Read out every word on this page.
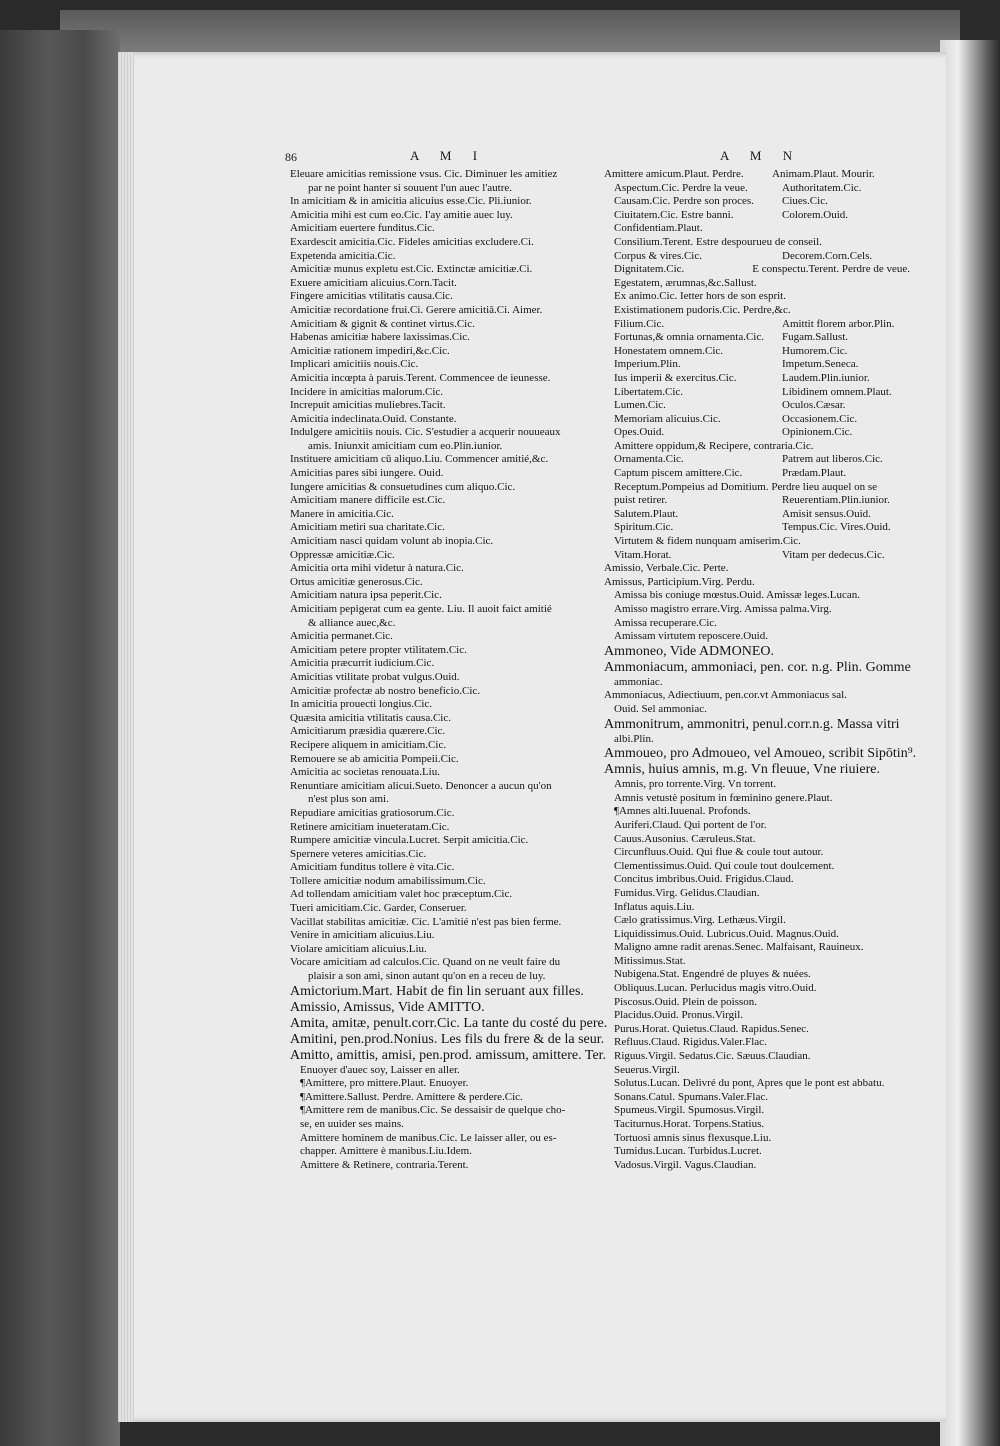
86	A M I	A M N
Eleuare amicitias remissione vsus. Cic. Diminuer les amitiez
par ne point hanter si souuent l'un auec l'autre.
In amicitiam & in amicitia alicuius esse.Cic. Pli.iunior.
Amicitia mihi est cum eo.Cic. I'ay amitie auec luy.
Amicitiam euertere funditus.Cic.
Exardescit amicitia.Cic. Fideles amicitias excludere.Ci.
Expetenda amicitia.Cic.
Amicitiæ munus expletu est.Cic. Extinctæ amicitiæ.Ci.
Exuere amicitiam alicuius.Corn.Tacit.
Fingere amicitias vtilitatis causa.Cic.
Amicitiæ recordatione frui.Ci. Gerere amicitiā.Ci. Aimer.
Amicitiam & gignit & continet virtus.Cic.
Habenas amicitiæ habere laxissimas.Cic.
Amicitiæ rationem impediri,&c.Cic.
Implicari amicitiis nouis.Cic.
Amicitia incœpta à paruis.Terent. Commencee de ieunesse.
Incidere in amicitias malorum.Cic.
Increpuit amicitias muliebres.Tacit.
Amicitia indeclinata.Ouid. Constante.
Indulgere amicitiis nouis. Cic. S'estudier a acquerir nouueaux
amis. Iniunxit amicitiam cum eo.Plin.iunior.
Instituere amicitiam cū aliquo.Liu. Commencer amitié,&c.
Amicitias pares sibi iungere. Ouid.
Iungere amicitias & consuetudines cum aliquo.Cic.
Amicitiam manere difficile est.Cic.
Manere in amicitia.Cic.
Amicitiam metiri sua charitate.Cic.
Amicitiam nasci quidam volunt ab inopia.Cic.
Oppressæ amicitiæ.Cic.
Amicitia orta mihi videtur à natura.Cic.
Ortus amicitiæ generosus.Cic.
Amicitiam natura ipsa peperit.Cic.
Amicitiam pepigerat cum ea gente. Liu. Il auoit faict amitié
& alliance auec,&c.
Amicitia permanet.Cic.
Amicitiam petere propter vtilitatem.Cic.
Amicitia præcurrit iudicium.Cic.
Amicitias vtilitate probat vulgus.Ouid.
Amicitiæ profectæ ab nostro beneficio.Cic.
In amicitia prouecti longius.Cic.
Quæsita amicitia vtilitatis causa.Cic.
Amicitiarum præsidia quærere.Cic.
Recipere aliquem in amicitiam.Cic.
Remouere se ab amicitia Pompeii.Cic.
Amicitia ac societas renouata.Liu.
Renuntiare amicitiam alicui.Sueto. Denoncer a aucun qu'on
n'est plus son ami.
Repudiare amicitias gratiosorum.Cic.
Retinere amicitiam inueteratam.Cic.
Rumpere amicitiæ vincula.Lucret. Serpit amicitia.Cic.
Spernere veteres amicitias.Cic.
Amicitiam funditus tollere è vita.Cic.
Tollere amicitiæ nodum amabilissimum.Cic.
Ad tollendam amicitiam valet hoc præceptum.Cic.
Tueri amicitiam.Cic. Garder, Conseruer.
Vacillat stabilitas amicitiæ. Cic. L'amitié n'est pas bien ferme.
Venire in amicitiam alicuius.Liu.
Violare amicitiam alicuius.Liu.
Vocare amicitiam ad calculos.Cic. Quand on ne veult faire du
plaisir a son ami, sinon autant qu'on en a receu de luy.
Amictorium.Mart. Habit de fin lin seruant aux filles.
Amissio, Amissus, Vide AMITTO.
Amita, amitæ, penult.corr.Cic. La tante du costé du pere.
Amitini, pen.prod.Nonius. Les fils du frere & de la seur.
Amitto, amittis, amisi, pen.prod. amissum, amittere. Ter.
Enuoyer d'auec soy, Laisser en aller.
¶Amittere, pro mittere.Plaut. Enuoyer.
¶Amittere.Sallust. Perdre. Amittere & perdere.Cic.
¶Amittere rem de manibus.Cic. Se dessaisir de quelque cho-
se, en uuider ses mains.
Amittere hominem de manibus.Cic. Le laisser aller, ou es-
chapper. Amittere è manibus.Liu.Idem.
Amittere & Retinere, contraria.Terent.
Amittere amicum.Plaut. Perdre.	Animam.Plaut. Mourir.
Aspectum.Cic. Perdre la veue.	Authoritatem.Cic.
Causam.Cic. Perdre son proces.	Ciues.Cic.
Ciuitatem.Cic. Estre banni.	Colorem.Ouid.
Confidentiam.Plaut.
Consilium.Terent. Estre despourueu de conseil.
Corpus & vires.Cic.	Decorem.Corn.Cels.
Dignitatem.Cic.	E conspectu.Terent. Perdre de veue.
Egestatem, ærumnas,&c.Sallust.
Ex animo.Cic. Ietter hors de son esprit.
Existimationem pudoris.Cic. Perdre,&c.
Filium.Cic.	Amittit florem arbor.Plin.
Fortunas,& omnia ornamenta.Cic.	Fugam.Sallust.
Honestatem omnem.Cic.	Humorem.Cic.
Imperium.Plin.	Impetum.Seneca.
Ius imperii & exercitus.Cic.	Laudem.Plin.iunior.
Libertatem.Cic.	Libidinem omnem.Plaut.
Lumen.Cic.	Oculos.Cæsar.
Memoriam alicuius.Cic.	Occasionem.Cic.
Opes.Ouid.	Opinionem.Cic.
Amittere oppidum,& Recipere, contraria.Cic.
Ornamenta.Cic.	Patrem aut liberos.Cic.
Captum piscem amittere.Cic.	Prædam.Plaut.
Receptum.Pompeius ad Domitium. Perdre lieu auquel on se
puist retirer.	Reuerentiam.Plin.iunior.
Salutem.Plaut.	Amisit sensus.Ouid.
Spiritum.Cic.	Tempus.Cic. Vires.Ouid.
Virtutem & fidem nunquam amiserim.Cic.
Vitam.Horat.	Vitam per dedecus.Cic.
Amissio, Verbale.Cic. Perte.
Amissus, Participium.Virg. Perdu.
Amissa bis coniuge mœstus.Ouid. Amissæ leges.Lucan.
Amisso magistro errare.Virg. Amissa palma.Virg.
Amissa recuperare.Cic.
Amissam virtutem reposcere.Ouid.
Ammoneo, Vide ADMONEO.
Ammoniacum, ammoniaci, pen. cor. n.g. Plin. Gomme
ammoniac.
Ammoniacus, Adiectiuum, pen.cor.vt Ammoniacus sal.
Ouid. Sel ammoniac.
Ammonitrum, ammonitri, penul.corr.n.g. Massa vitri
albi.Plin.
Ammoueo, pro Admoueo, vel Amoueo, scribit Sipōtin⁹.
Amnis, huius amnis, m.g. Vn fleuue, Vne riuiere.
Amnis, pro torrente.Virg. Vn torrent.
Amnis vetustè positum in fœminino genere.Plaut.
¶Amnes alti.Iuuenal. Profonds.
Auriferi.Claud. Qui portent de l'or.
Cauus.Ausonius. Cæruleus.Stat.
Circunfluus.Ouid. Qui flue & coule tout autour.
Clementissimus.Ouid. Qui coule tout doulcement.
Concitus imbribus.Ouid. Frigidus.Claud.
Fumidus.Virg. Gelidus.Claudian.
Inflatus aquis.Liu.
Cælo gratissimus.Virg. Lethæus.Virgil.
Liquidissimus.Ouid. Lubricus.Ouid. Magnus.Ouid.
Maligno amne radit arenas.Senec. Malfaisant, Rauineux.
Mitissimus.Stat.
Nubigena.Stat. Engendré de pluyes & nuées.
Obliquus.Lucan. Perlucidus magis vitro.Ouid.
Piscosus.Ouid. Plein de poisson.
Placidus.Ouid. Pronus.Virgil.
Purus.Horat. Quietus.Claud. Rapidus.Senec.
Refluus.Claud. Rigidus.Valer.Flac.
Riguus.Virgil. Sedatus.Cic. Sæuus.Claudian.
Seuerus.Virgil.
Solutus.Lucan. Delivré du pont, Apres que le pont est abbatu.
Sonans.Catul. Spumans.Valer.Flac.
Spumeus.Virgil. Spumosus.Virgil.
Taciturnus.Horat. Torpens.Statius.
Tortuosi amnis sinus flexusque.Liu.
Tumidus.Lucan. Turbidus.Lucret.
Vadosus.Virgil. Vagus.Claudian.
